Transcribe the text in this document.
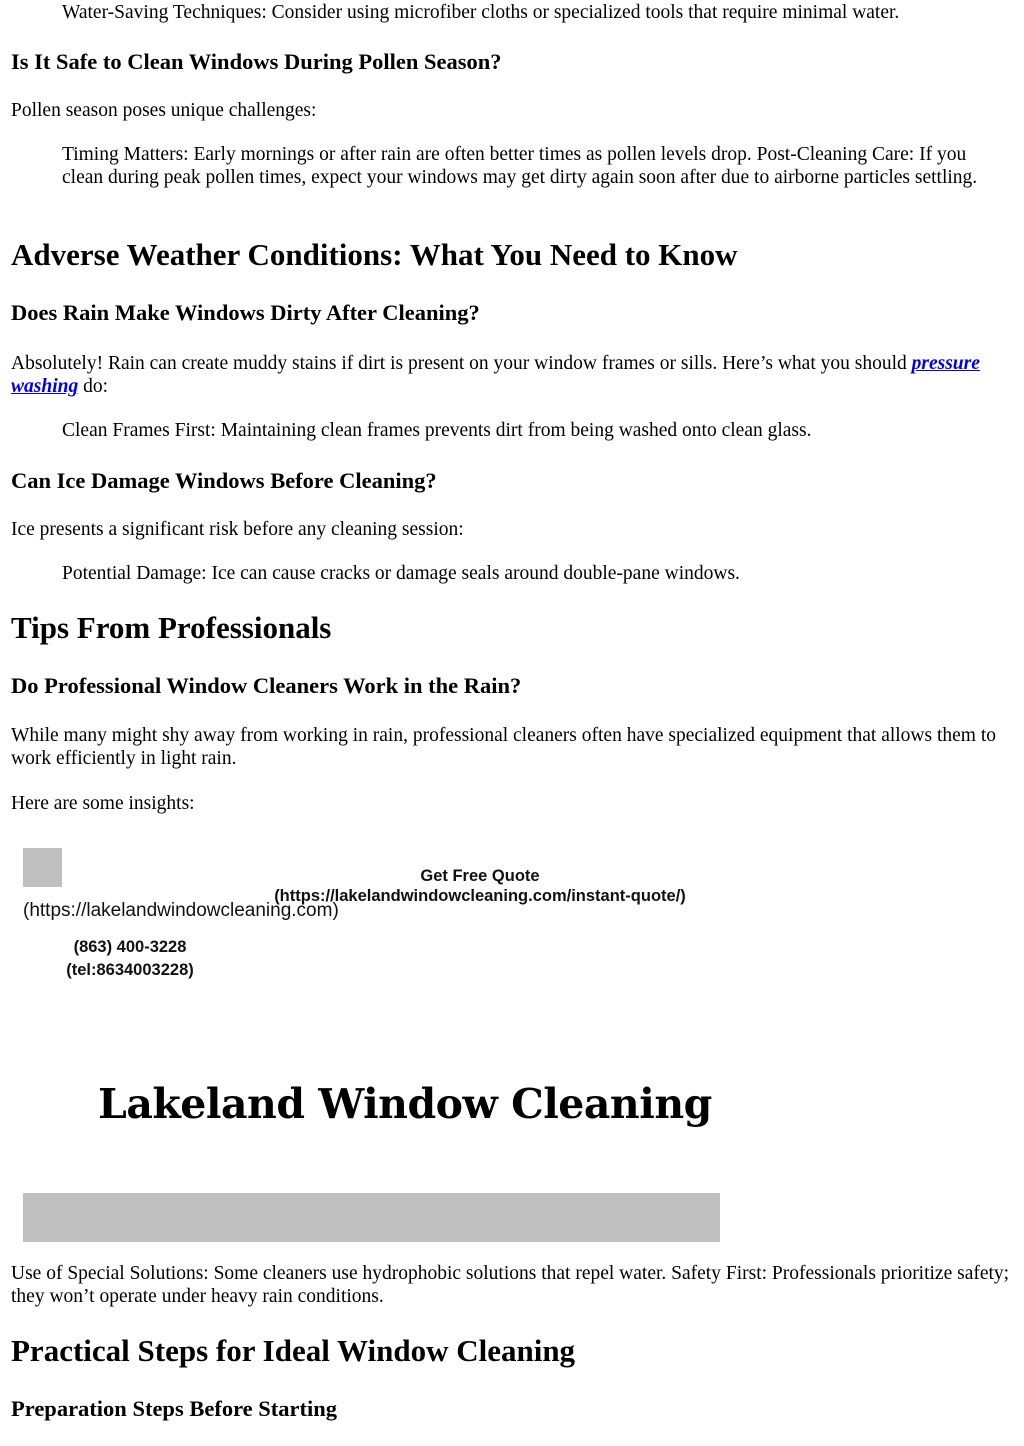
Water-Saving Techniques: Consider using microfiber cloths or specialized tools that require minimal water.

Is It Safe to Clean Windows During Pollen Season?

Pollen season poses unique challenges:

Timing Matters: Early mornings or after rain are often better times as pollen levels drop. Post-Cleaning Care: If you clean during peak pollen times, expect your windows may get dirty again soon after due to airborne particles settling.

Adverse Weather Conditions: What You Need to Know
Does Rain Make Windows Dirty After Cleaning?

Absolutely! Rain can create muddy stains if dirt is present on your window frames or sills. Here’s what you should pressure washing do:

Clean Frames First: Maintaining clean frames prevents dirt from being washed onto clean glass.

Can Ice Damage Windows Before Cleaning?

Ice presents a significant risk before any cleaning session:

Potential Damage: Ice can cause cracks or damage seals around double-pane windows.

Tips From Professionals
Do Professional Window Cleaners Work in the Rain?

While many might shy away from working in rain, professional cleaners often have specialized equipment that allows them to work efficiently in light rain.

Here are some insights:

(https://lakelandwindowcleaning.com)
Get Free Quote
(https://lakelandwindowcleaning.com/instant-quote/)
(863) 400-3228
(tel:8634003228)
Lakeland Window Cleaning

Use of Special Solutions: Some cleaners use hydrophobic solutions that repel water. Safety First: Professionals prioritize safety; they won’t operate under heavy rain conditions.

Practical Steps for Ideal Window Cleaning
Preparation Steps Before Starting
